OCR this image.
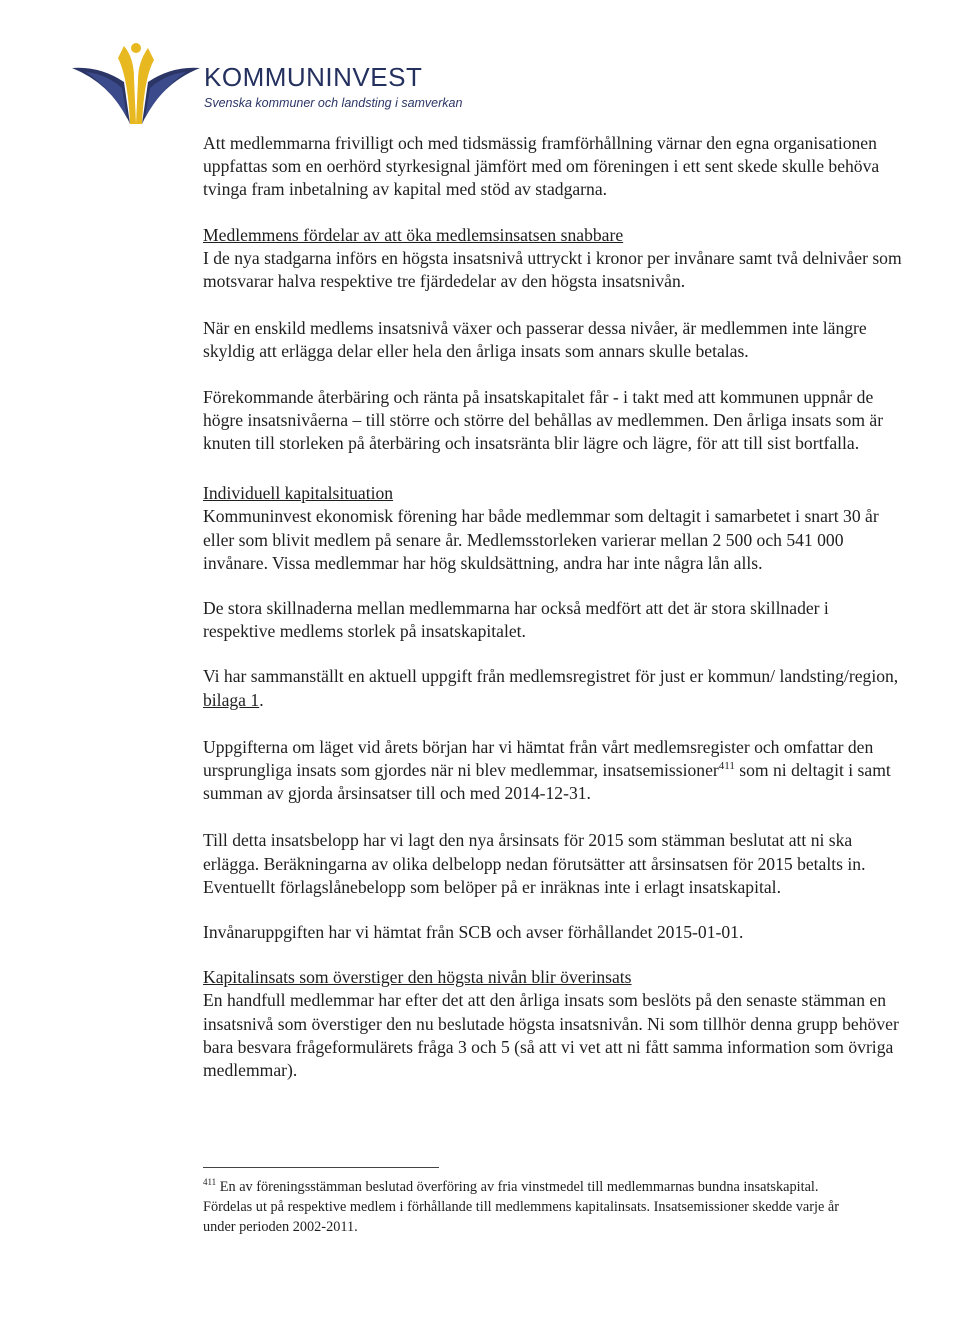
KOMMUNINVEST
Svenska kommuner och landsting i samverkan

Att medlemmarna frivilligt och med tidsmässig framförhållning värnar den egna organisationen uppfattas som en oerhörd styrkesignal jämfört med om föreningen i ett sent skede skulle behöva tvinga fram inbetalning av kapital med stöd av stadgarna.

Medlemmens fördelar av att öka medlemsinsatsen snabbare
I de nya stadgarna införs en högsta insatsnivå uttryckt i kronor per invånare samt två delnivåer som motsvarar halva respektive tre fjärdedelar av den högsta insatsnivån.

När en enskild medlems insatsnivå växer och passerar dessa nivåer, är medlemmen inte längre skyldig att erlägga delar eller hela den årliga insats som annars skulle betalas.

Förekommande återbäring och ränta på insatskapitalet får - i takt med att kommunen uppnår de högre insatsnivåerna – till större och större del behållas av medlemmen. Den årliga insats som är knuten till storleken på återbäring och insatsränta blir lägre och lägre, för att till sist bortfalla.

Individuell kapitalsituation
Kommuninvest ekonomisk förening har både medlemmar som deltagit i samarbetet i snart 30 år eller som blivit medlem på senare år. Medlemsstorleken varierar mellan 2 500 och 541 000 invånare. Vissa medlemmar har hög skuldsättning, andra har inte några lån alls.

De stora skillnaderna mellan medlemmarna har också medfört att det är stora skillnader i respektive medlems storlek på insatskapitalet.

Vi har sammanställt en aktuell uppgift från medlemsregistret för just er kommun/ landsting/region, bilaga 1.

Uppgifterna om läget vid årets början har vi hämtat från vårt medlemsregister och omfattar den ursprungliga insats som gjordes när ni blev medlemmar, insatsemissioner$^{411}$ som ni deltagit i samt summan av gjorda årsinsatser till och med 2014-12-31.

Till detta insatsbelopp har vi lagt den nya årsinsats för 2015 som stämman beslutat att ni ska erlägga. Beräkningarna av olika delbelopp nedan förutsätter att årsinsatsen för 2015 betalts in. Eventuellt förlagslånebelopp som belöper på er inräknas inte i erlagt insatskapital.

Invånaruppgiften har vi hämtat från SCB och avser förhållandet 2015-01-01.

Kapitalinsats som överstiger den högsta nivån blir överinsats
En handfull medlemmar har efter det att den årliga insats som beslöts på den senaste stämman en insatsnivå som överstiger den nu beslutade högsta insatsnivån. Ni som tillhör denna grupp behöver bara besvara frågeformulärets fråga 3 och 5 (så att vi vet att ni fått samma information som övriga medlemmar).

$^{411}$ En av föreningsstämman beslutad överföring av fria vinstmedel till medlemmarnas bundna insatskapital. Fördelas ut på respektive medlem i förhållande till medlemmens kapitalinsats. Insatsemissioner skedde varje år under perioden 2002-2011.
